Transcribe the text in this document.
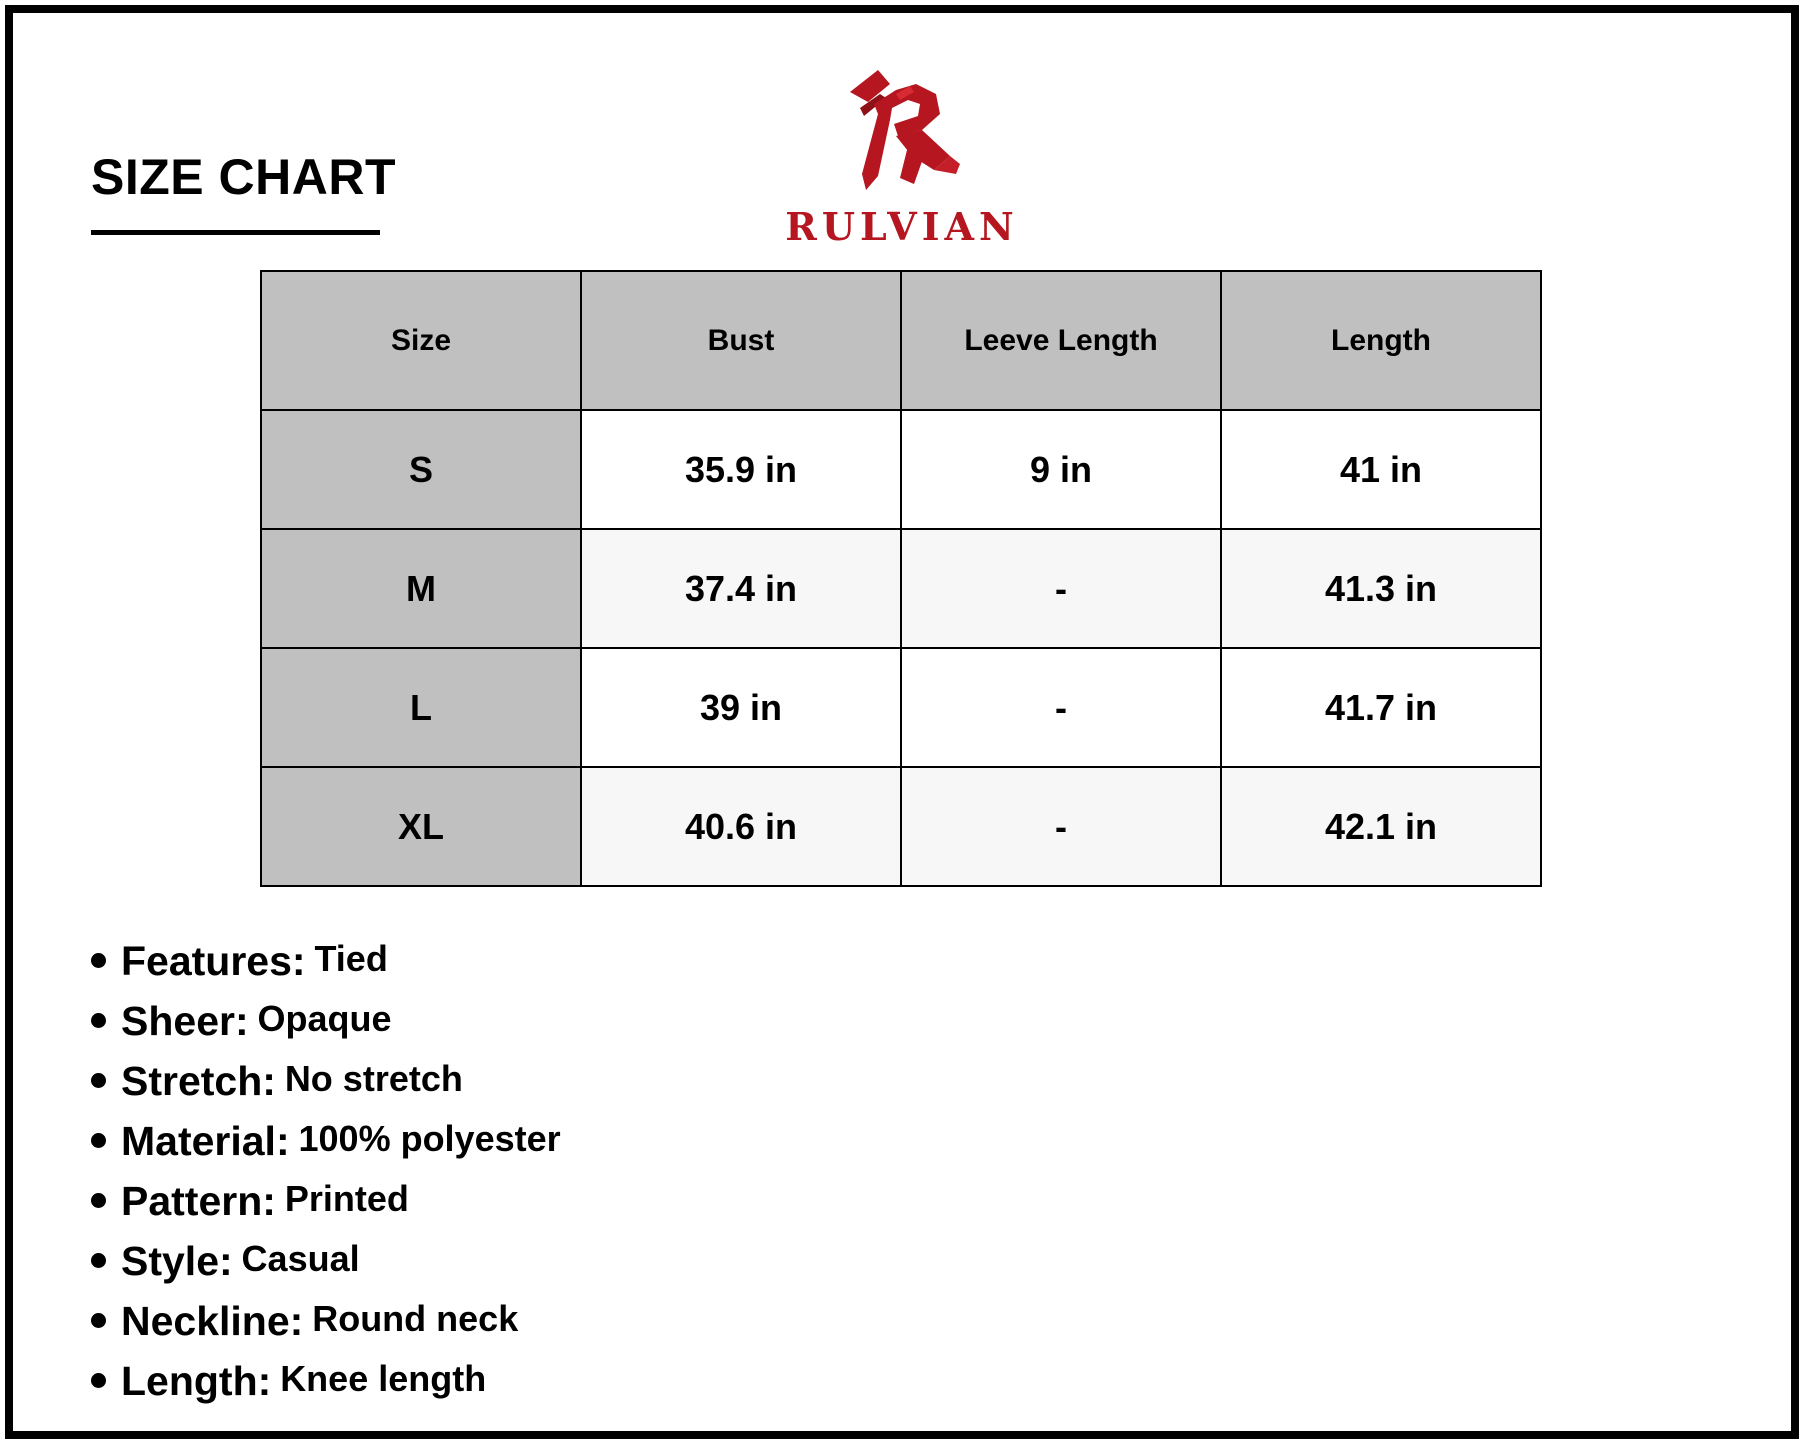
SIZE CHART
RULVIAN
Size	Bust	Leeve Length	Length
S	35.9 in	9 in	41 in
M	37.4 in	-	41.3 in
L	39 in	-	41.7 in
XL	40.6 in	-	42.1 in
Features: Tied
Sheer: Opaque
Stretch: No stretch
Material: 100% polyester
Pattern: Printed
Style: Casual
Neckline: Round neck
Length: Knee length
